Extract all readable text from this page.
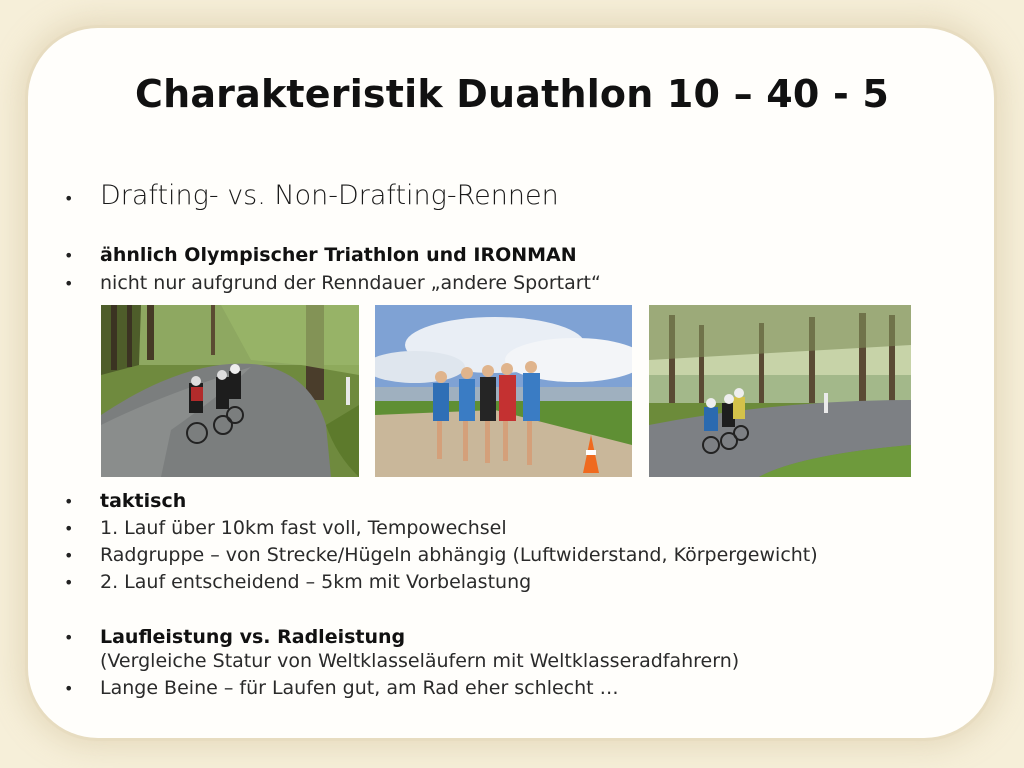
Charakteristik Duathlon 10 – 40 - 5
• Drafting- vs. Non-Drafting-Rennen
• ähnlich Olympischer Triathlon und IRONMAN
• nicht nur aufgrund der Renndauer „andere Sportart“
• taktisch
• 1. Lauf über 10km fast voll, Tempowechsel
• Radgruppe – von Strecke/Hügeln abhängig (Luftwiderstand, Körpergewicht)
• 2. Lauf entscheidend – 5km mit Vorbelastung
• Laufleistung vs. Radleistung
(Vergleiche Statur von Weltklasseläufern mit Weltklasseradfahrern)
• Lange Beine – für Laufen gut, am Rad eher schlecht …
